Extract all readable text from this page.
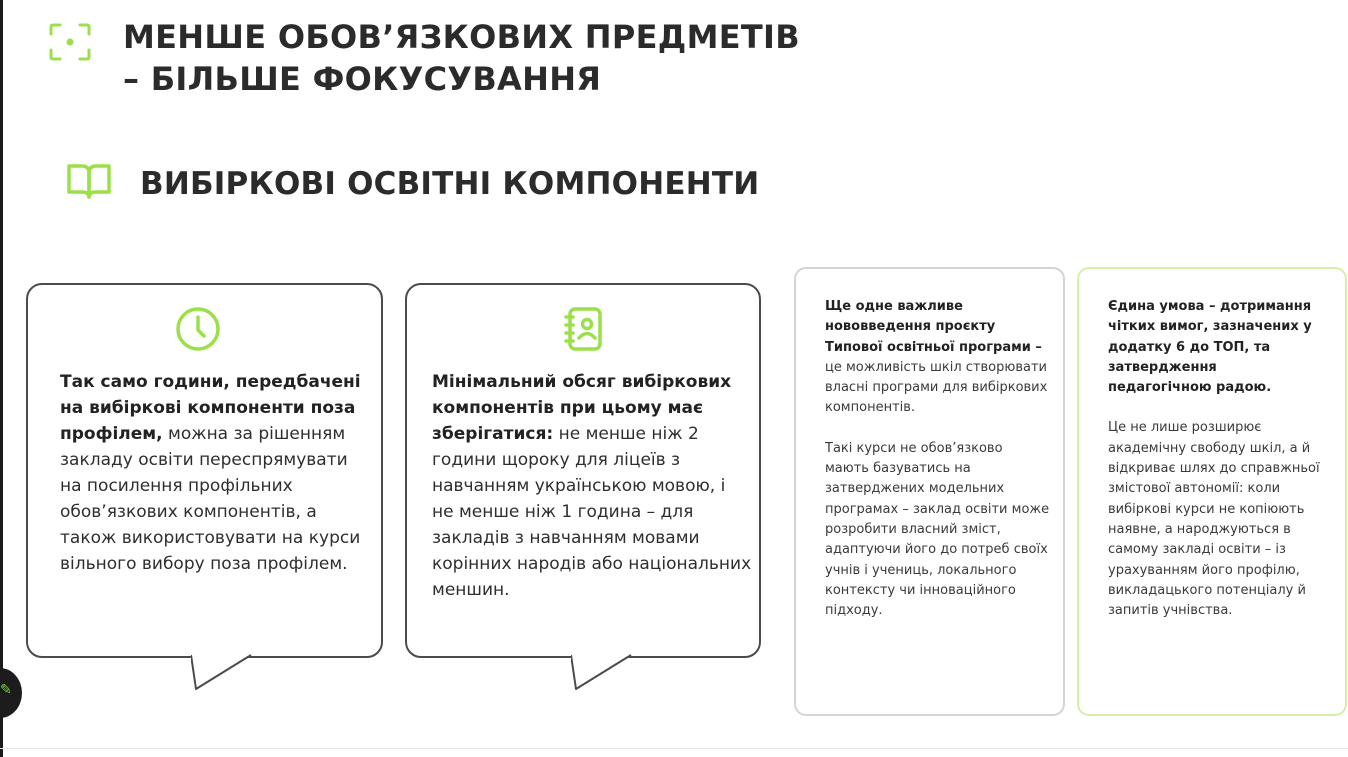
МЕНШЕ ОБОВ’ЯЗКОВИХ ПРЕДМЕТІВ
– БІЛЬШЕ ФОКУСУВАННЯ
ВИБІРКОВІ ОСВІТНІ КОМПОНЕНТИ
Так само години, передбачені на вибіркові компоненти поза профілем, можна за рішенням закладу освіти переспрямувати на посилення профільних обов’язкових компонентів, а також використовувати на курси вільного вибору поза профілем.
Мінімальний обсяг вибіркових компонентів при цьому має зберігатися: не менше ніж 2 години щороку для ліцеїв з навчанням українською мовою, і не менше ніж 1 година – для закладів з навчанням мовами корінних народів або національних меншин.

Ще одне важливе нововведення проєкту Типової освітньої програми – це можливість шкіл створювати власні програми для вибіркових компонентів.

Такі курси не обов’язково мають базуватись на затверджених модельних програмах – заклад освіти може розробити власний зміст, адаптуючи його до потреб своїх учнів і учениць, локального контексту чи інноваційного підходу.

Єдина умова – дотримання чітких вимог, зазначених у додатку 6 до ТОП, та затвердження педагогічною радою.

Це не лише розширює академічну свободу шкіл, а й відкриває шлях до справжньої змістової автономії: коли вибіркові курси не копіюють наявне, а народжуються в самому закладі освіти – із урахуванням його профілю, викладацького потенціалу й запитів учнівства.

✎
